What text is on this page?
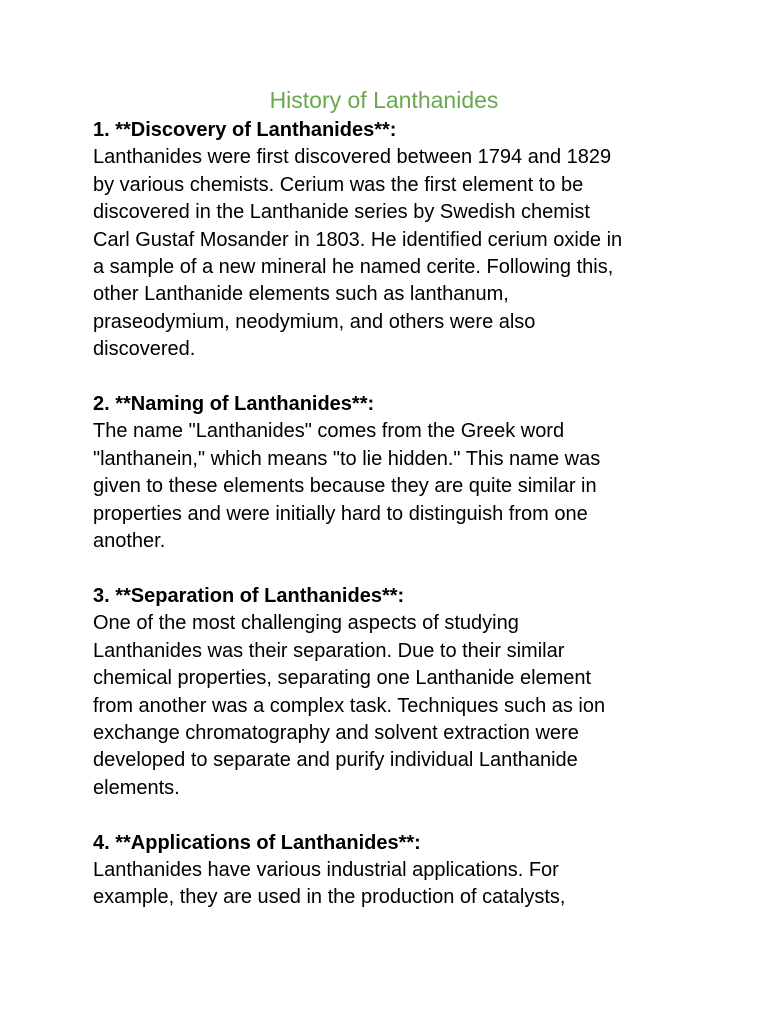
History of Lanthanides

1. **Discovery of Lanthanides**:

Lanthanides were first discovered between 1794 and 1829
by various chemists. Cerium was the first element to be
discovered in the Lanthanide series by Swedish chemist
Carl Gustaf Mosander in 1803. He identified cerium oxide in
a sample of a new mineral he named cerite. Following this,
other Lanthanide elements such as lanthanum,
praseodymium, neodymium, and others were also
discovered.

2. **Naming of Lanthanides**:

The name "Lanthanides" comes from the Greek word
"lanthanein," which means "to lie hidden." This name was
given to these elements because they are quite similar in
properties and were initially hard to distinguish from one
another.

3. **Separation of Lanthanides**:

One of the most challenging aspects of studying
Lanthanides was their separation. Due to their similar
chemical properties, separating one Lanthanide element
from another was a complex task. Techniques such as ion
exchange chromatography and solvent extraction were
developed to separate and purify individual Lanthanide
elements.

4. **Applications of Lanthanides**:

Lanthanides have various industrial applications. For
example, they are used in the production of catalysts,
